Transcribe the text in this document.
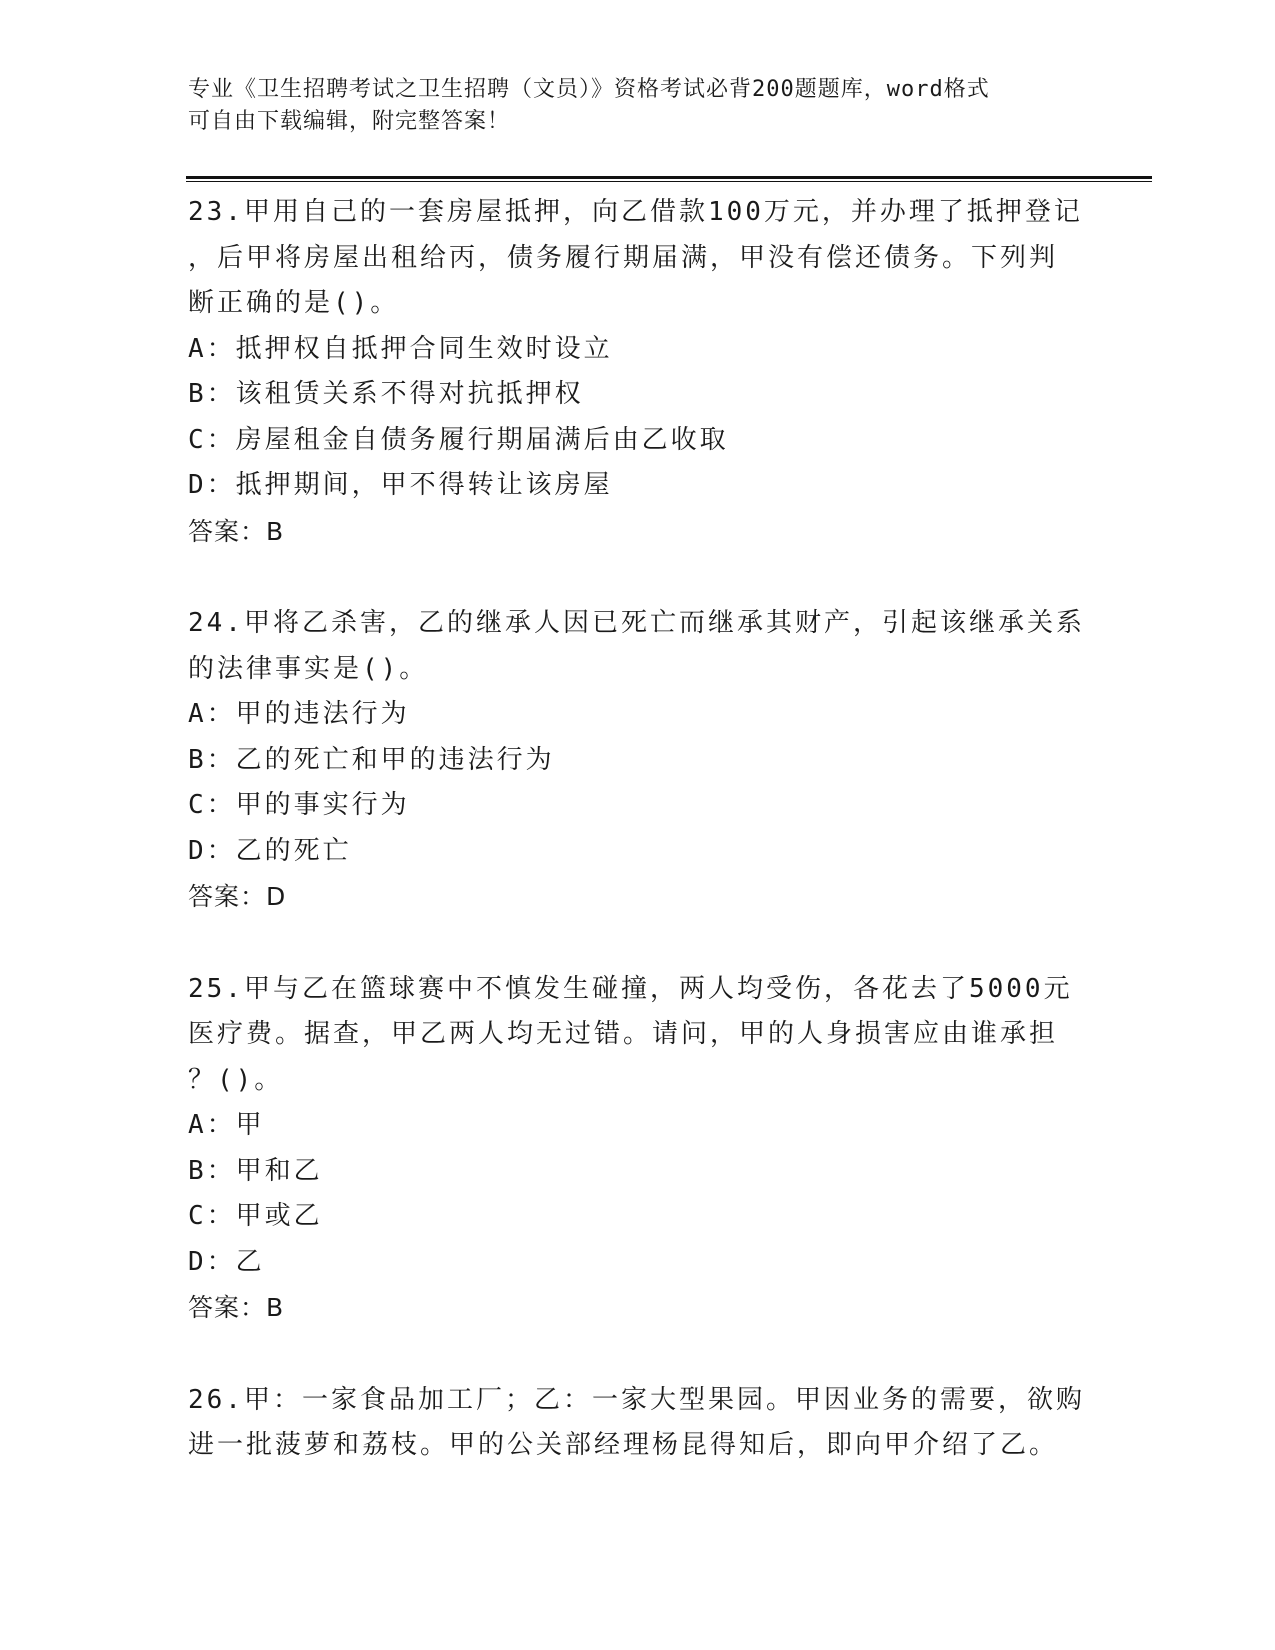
专业《卫生招聘考试之卫生招聘（文员）》资格考试必背200题题库，word格式
可自由下载编辑，附完整答案！
23.甲用自己的一套房屋抵押，向乙借款100万元，并办理了抵押登记
，后甲将房屋出租给丙，债务履行期届满，甲没有偿还债务。下列判
断正确的是()。
A：抵押权自抵押合同生效时设立
B：该租赁关系不得对抗抵押权
C：房屋租金自债务履行期届满后由乙收取
D：抵押期间，甲不得转让该房屋
答案：B
24.甲将乙杀害，乙的继承人因已死亡而继承其财产，引起该继承关系
的法律事实是()。
A：甲的违法行为
B：乙的死亡和甲的违法行为
C：甲的事实行为
D：乙的死亡
答案：D
25.甲与乙在篮球赛中不慎发生碰撞，两人均受伤，各花去了5000元
医疗费。据查，甲乙两人均无过错。请问，甲的人身损害应由谁承担
？()。
A：甲
B：甲和乙
C：甲或乙
D：乙
答案：B
26.甲：一家食品加工厂；乙：一家大型果园。甲因业务的需要，欲购
进一批菠萝和荔枝。甲的公关部经理杨昆得知后，即向甲介绍了乙。
